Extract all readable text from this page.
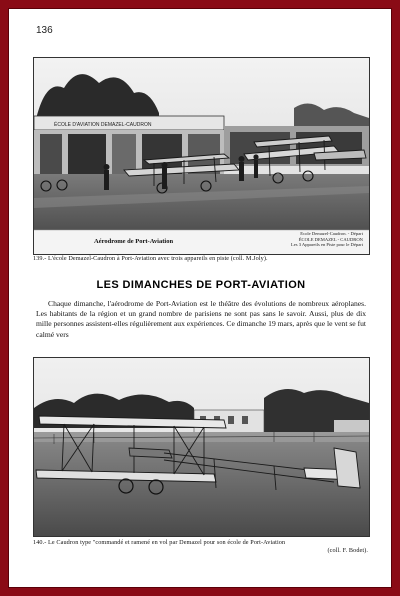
136
ÉCOLE D'AVIATION DEMAZEL-CAUDRON
Aérodrome de Port-Aviation
Ecole Demazel-Caudron. - Départ
ÉCOLE DEMAZEL - CAUDRON
Les 3 Appareils en Piste pour le Départ
139.- L'école Demazel-Caudron à Port-Aviation avec trois appareils en piste (coll. M.Joly).
LES DIMANCHES DE PORT-AVIATION
Chaque dimanche, l'aérodrome de Port-Aviation est le théâtre des évolutions de nombreux aéroplanes. Les habitants de la région et un grand nombre de parisiens ne sont pas sans le savoir. Aussi, plus de dix mille personnes assistent-elles régulièrement aux expériences. Ce dimanche 19 mars, après que le vent se fut calmé vers
140.- Le Caudron type "commandé et ramené en vol par Demazel pour son école de Port-Aviation
(coll. F. Bodet).
